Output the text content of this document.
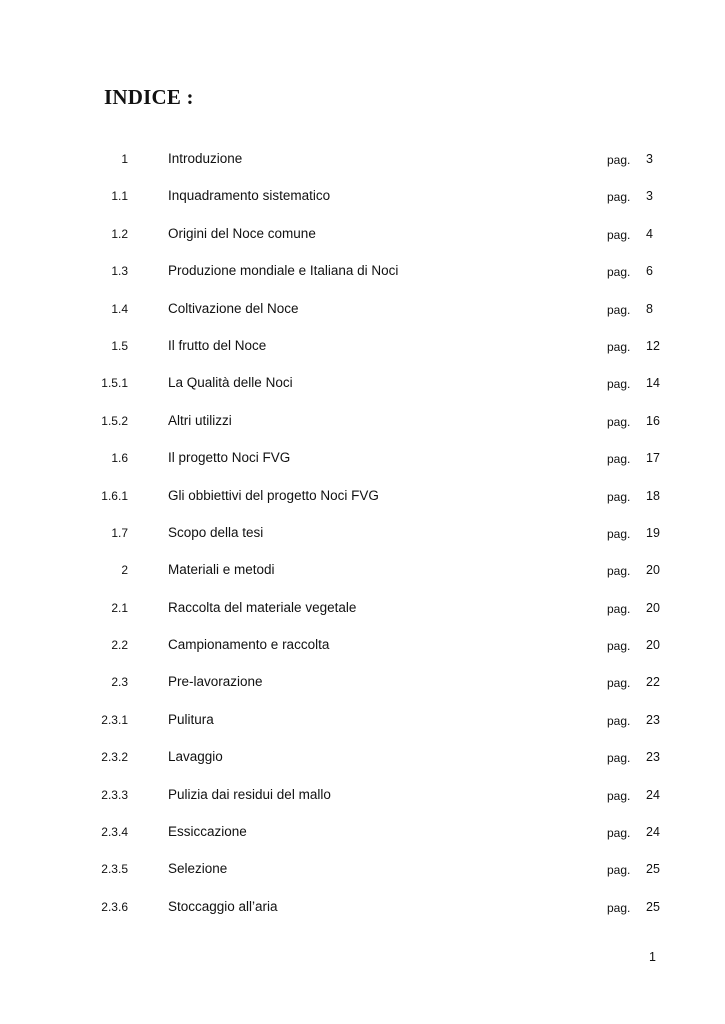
INDICE :
1	Introduzione	pag. 3
1.1	Inquadramento sistematico	pag. 3
1.2	Origini del Noce comune	pag. 4
1.3	Produzione mondiale e Italiana di Noci	pag. 6
1.4	Coltivazione del Noce	pag. 8
1.5	Il frutto del Noce	pag. 12
1.5.1	La Qualità delle Noci	pag. 14
1.5.2	Altri utilizzi	pag. 16
1.6	Il progetto Noci FVG	pag. 17
1.6.1	Gli obbiettivi del progetto Noci FVG	pag. 18
1.7	Scopo della tesi	pag. 19
2	Materiali e metodi	pag. 20
2.1	Raccolta del materiale vegetale	pag. 20
2.2	Campionamento e raccolta	pag. 20
2.3	Pre-lavorazione	pag. 22
2.3.1	Pulitura	pag. 23
2.3.2	Lavaggio	pag. 23
2.3.3	Pulizia dai residui del mallo	pag. 24
2.3.4	Essiccazione	pag. 24
2.3.5	Selezione	pag. 25
2.3.6	Stoccaggio all’aria	pag. 25
1
